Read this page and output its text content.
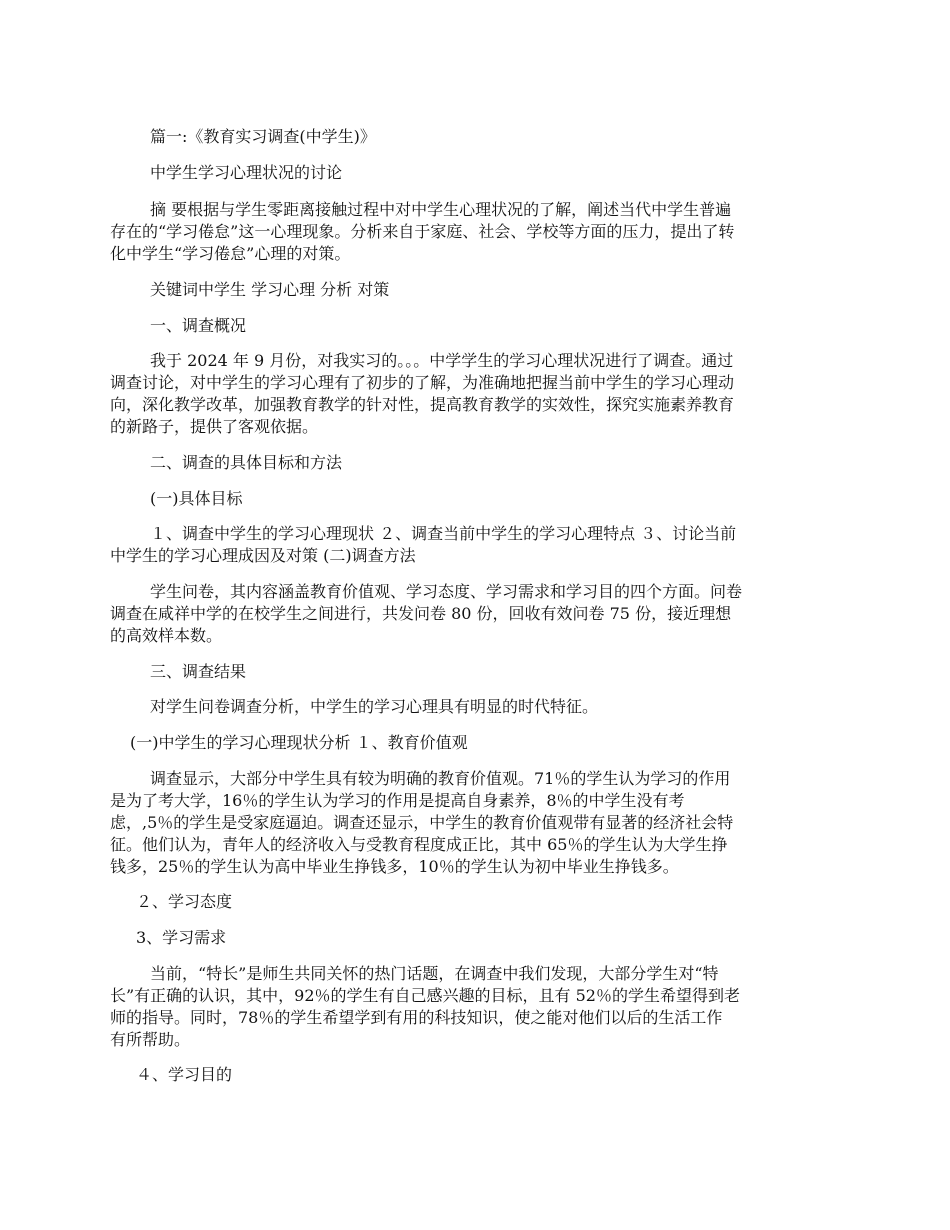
篇一:《教育实习调查(中学生)》

中学生学习心理状况的讨论

摘 要根据与学生零距离接触过程中对中学生心理状况的了解，阐述当代中学生普遍

存在的“学习倦怠”这一心理现象。分析来自于家庭、社会、学校等方面的压力，提出了转

化中学生“学习倦怠”心理的对策。

关键词中学生 学习心理 分析 对策

一、调查概况

我于 2024 年 9 月份，对我实习的。。。中学学生的学习心理状况进行了调查。通过

调查讨论，对中学生的学习心理有了初步的了解，为准确地把握当前中学生的学习心理动

向，深化教学改革，加强教育教学的针对性，提高教育教学的实效性，探究实施素养教育

的新路子，提供了客观依据。

二、调查的具体目标和方法

(一)具体目标

１、调查中学生的学习心理现状 ２、调查当前中学生的学习心理特点 ３、讨论当前

中学生的学习心理成因及对策 (二)调查方法

学生问卷，其内容涵盖教育价值观、学习态度、学习需求和学习目的四个方面。问卷

调查在咸祥中学的在校学生之间进行，共发问卷 80 份，回收有效问卷 75 份，接近理想

的高效样本数。

三、调查结果

对学生问卷调查分析，中学生的学习心理具有明显的时代特征。

(一)中学生的学习心理现状分析 １、教育价值观

调查显示，大部分中学生具有较为明确的教育价值观。71％的学生认为学习的作用

是为了考大学，16％的学生认为学习的作用是提高自身素养，8％的中学生没有考

虑，,5％的学生是受家庭逼迫。调查还显示，中学生的教育价值观带有显著的经济社会特

征。他们认为，青年人的经济收入与受教育程度成正比，其中 65％的学生认为大学生挣

钱多，25％的学生认为高中毕业生挣钱多，10％的学生认为初中毕业生挣钱多。

２、学习态度

3、学习需求

当前，“特长”是师生共同关怀的热门话题，在调查中我们发现，大部分学生对“特

长”有正确的认识，其中，92％的学生有自己感兴趣的目标，且有 52％的学生希望得到老

师的指导。同时，78％的学生希望学到有用的科技知识，使之能对他们以后的生活工作

有所帮助。

４、学习目的
